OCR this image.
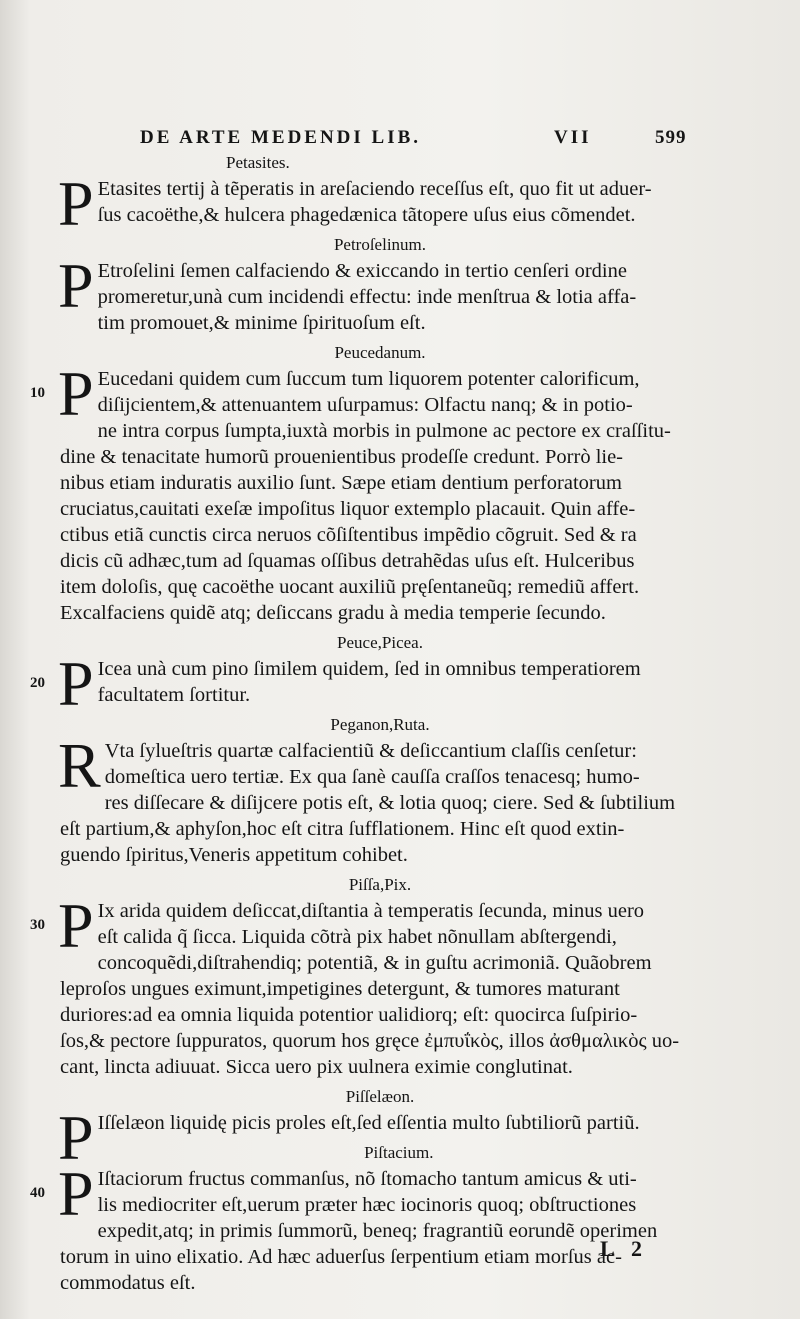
DE ARTE MEDENDI LIB.	VII	599
Petasites.
P Etasites tertij à tẽperatis in areſaciendo receſſus eſt, quo fit ut aduer-
ſus cacoëthe,& hulcera phagedænica tãtopere uſus eius cõmendet.
Petroſelinum.
P Etroſelini ſemen calfaciendo & exiccando in tertio cenſeri ordine
promeretur,unà cum incidendi effectu: inde menſtrua & lotia affa-
tim promouet,& minime ſpirituoſum eſt.
Peucedanum.
10 P Eucedani quidem cum ſuccum tum liquorem potenter calorificum,
diſijcientem,& attenuantem uſurpamus: Olfactu nanq; & in potio-
ne intra corpus ſumpta,iuxtà morbis in pulmone ac pectore ex craſſitu-
dine & tenacitate humorũ prouenientibus prodeſſe credunt. Porrò lie-
nibus etiam induratis auxilio ſunt. Sæpe etiam dentium perforatorum
cruciatus,cauitati exeſæ impoſitus liquor extemplo placauit. Quin affe-
ctibus etiã cunctis circa neruos cõſiſtentibus impẽdio cõgruit. Sed & ra
dicis cũ adhæc,tum ad ſquamas oſſibus detrahẽdas uſus eſt. Hulceribus
item doloſis, quę cacoëthe uocant auxiliũ pręſentaneũq; remediũ affert.
Excalfaciens quidẽ atq; deſiccans gradu à media temperie ſecundo.
Peuce,Picea.
20 P Icea unà cum pino ſimilem quidem, ſed in omnibus temperatiorem
facultatem ſortitur.
Peganon,Ruta.
R Vta ſylueſtris quartæ calfacientiũ & deſiccantium claſſis cenſetur:
domeſtica uero tertiæ. Ex qua ſanè cauſſa craſſos tenacesq; humo-
res diſſecare & diſijcere potis eſt, & lotia quoq; ciere. Sed & ſubtilium
eſt partium,& aphyſon,hoc eſt citra ſufflationem. Hinc eſt quod extin-
guendo ſpiritus,Veneris appetitum cohibet.
Piſſa,Pix.
30 P Ix arida quidem deſiccat,diſtantia à temperatis ſecunda, minus uero
eſt calida q̃ ſicca. Liquida cõtrà pix habet nõnullam abſtergendi,
concoquẽdi,diſtrahendiq; potentiã, & in guſtu acrimoniã. Quãobrem
leproſos ungues eximunt,impetigines detergunt, & tumores maturant
duriores:ad ea omnia liquida potentior ualidiorq; eſt: quocirca ſuſpirio-
ſos,& pectore ſuppuratos, quorum hos gręce ἐμπυΐκὸς, illos ἀσθμαλικὸς uo-
cant, lincta adiuuat. Sicca uero pix uulnera eximie conglutinat.
Piſſelæon.
P Iſſelæon liquidę picis proles eſt,ſed eſſentia multo ſubtiliorũ partiũ.
Piſtacium.
40 P Iſtaciorum fructus commanſus, nõ ſtomacho tantum amicus & uti-
lis mediocriter eſt,uerum præter hæc iocinoris quoq; obſtructiones
expedit,atq; in primis ſummorũ, beneq; fragrantiũ eorundẽ operimen
torum in uino elixatio. Ad hæc aduerſus ſerpentium etiam morſus ac-
commodatus eſt.
L 2
